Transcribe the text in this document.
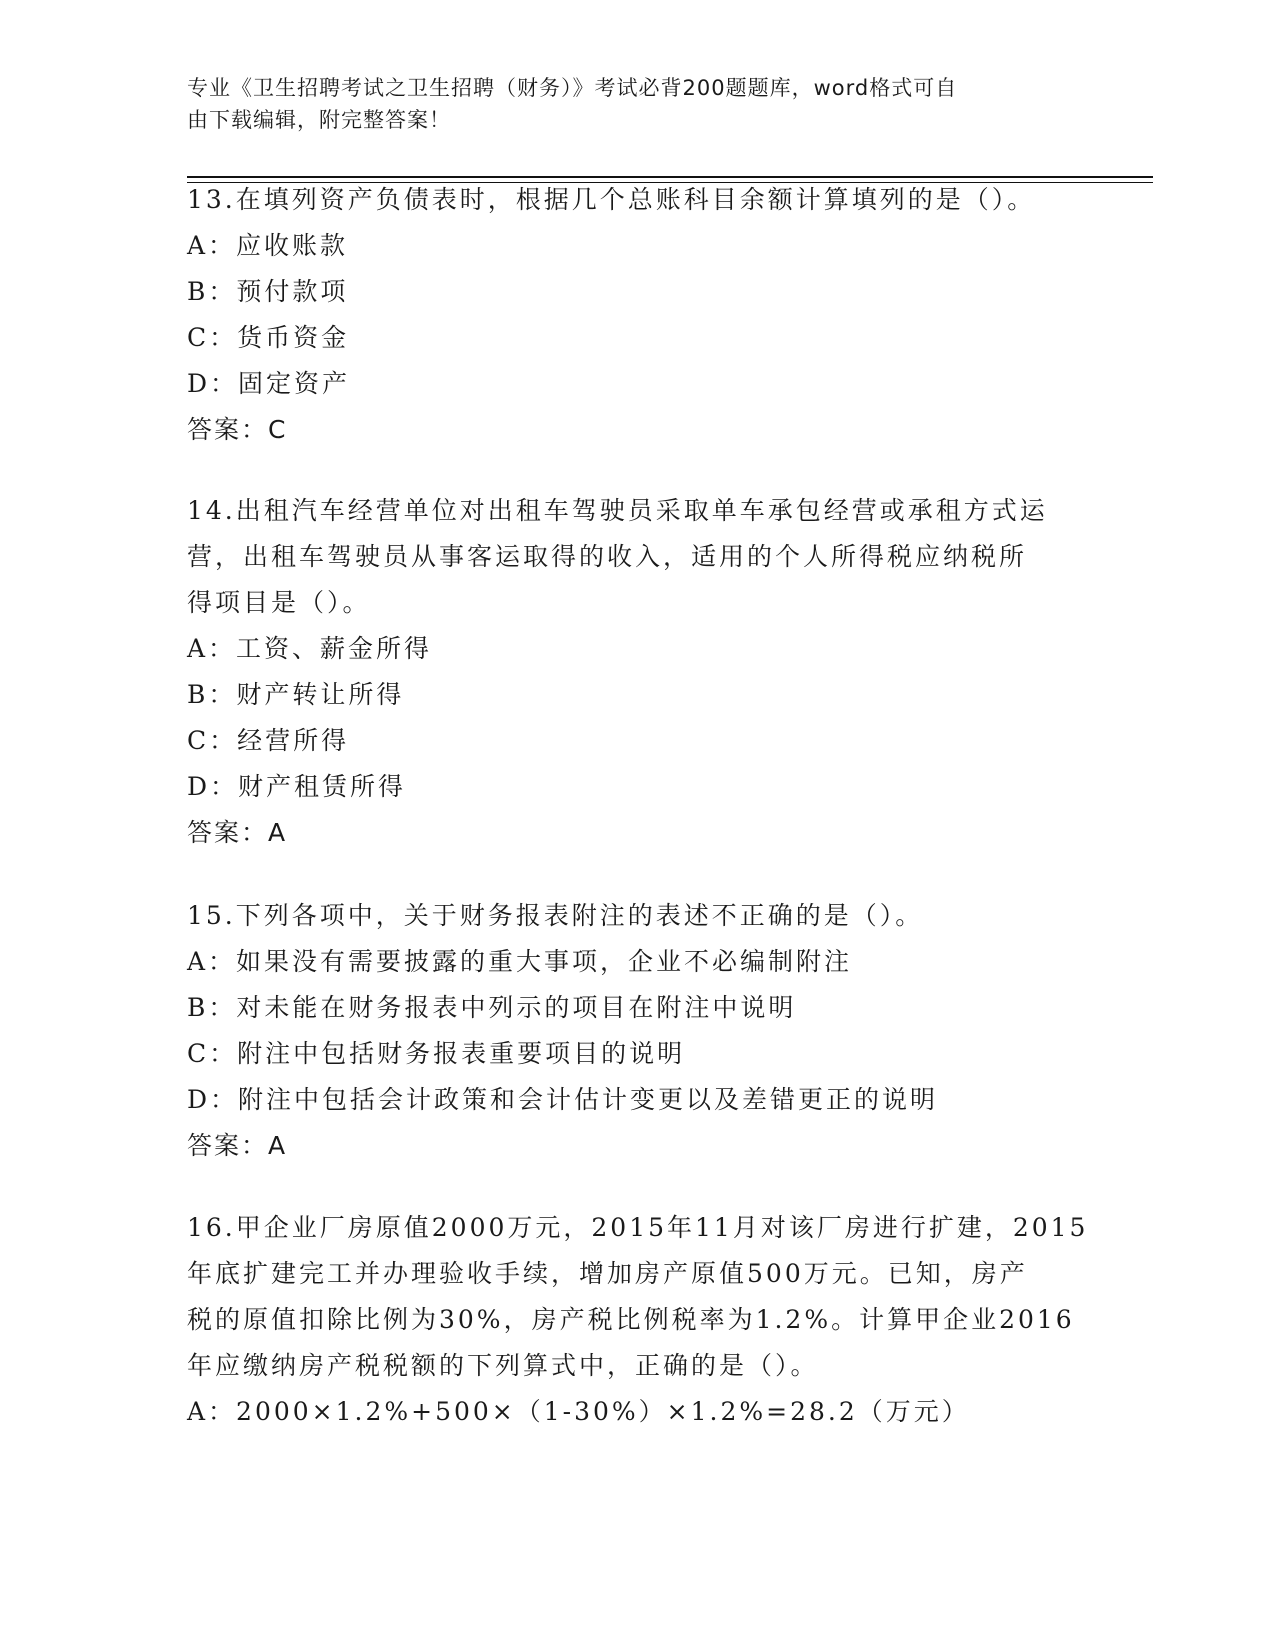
专业《卫生招聘考试之卫生招聘（财务）》考试必背200题题库，word格式可自
由下载编辑，附完整答案！
13.在填列资产负债表时，根据几个总账科目余额计算填列的是（）。
A：应收账款
B：预付款项
C：货币资金
D：固定资产
答案：C
14.出租汽车经营单位对出租车驾驶员采取单车承包经营或承租方式运
营，出租车驾驶员从事客运取得的收入，适用的个人所得税应纳税所
得项目是（）。
A：工资、薪金所得
B：财产转让所得
C：经营所得
D：财产租赁所得
答案：A
15.下列各项中，关于财务报表附注的表述不正确的是（）。
A：如果没有需要披露的重大事项，企业不必编制附注
B：对未能在财务报表中列示的项目在附注中说明
C：附注中包括财务报表重要项目的说明
D：附注中包括会计政策和会计估计变更以及差错更正的说明
答案：A
16.甲企业厂房原值2000万元，2015年11月对该厂房进行扩建，2015
年底扩建完工并办理验收手续，增加房产原值500万元。已知，房产
税的原值扣除比例为30%，房产税比例税率为1.2%。计算甲企业2016
年应缴纳房产税税额的下列算式中，正确的是（）。
A：2000×1.2%+500×（1-30%）×1.2%=28.2（万元）
